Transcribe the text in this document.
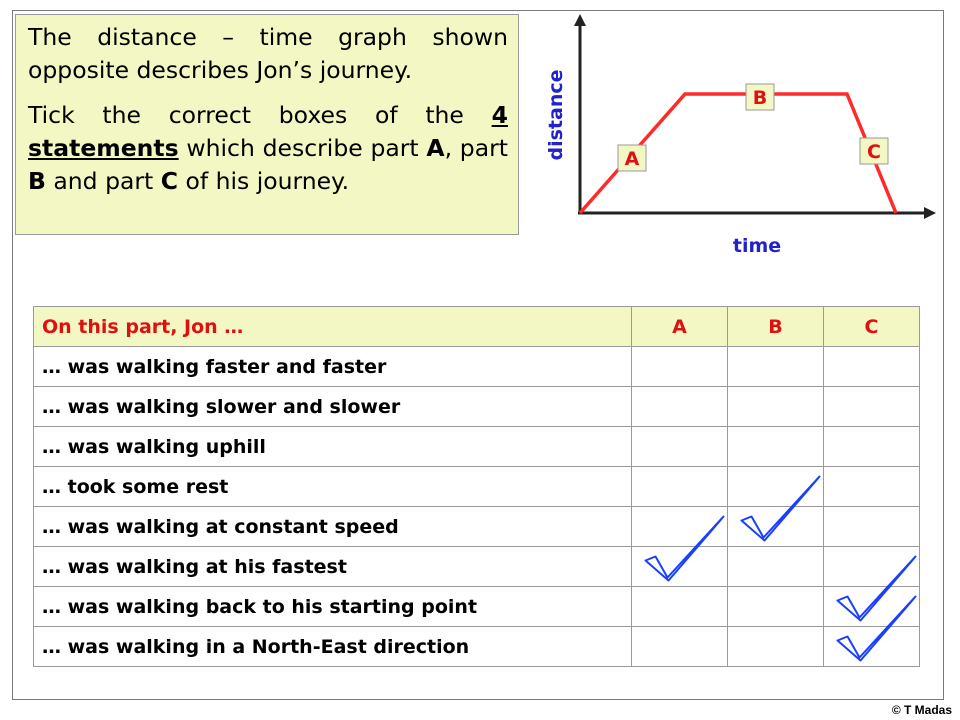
The distance – time graph shown opposite describes Jon’s journey.

Tick the correct boxes of the 4 statements which describe part A, part B and part C of his journey.

A
B
C
distance
time
On this part, Jon …	A	B	C
… was walking faster and faster			
… was walking slower and slower			
… was walking uphill			
… took some rest			
… was walking at constant speed			
… was walking at his fastest			
… was walking back to his starting point			
… was walking in a North-East direction			
© T Madas
